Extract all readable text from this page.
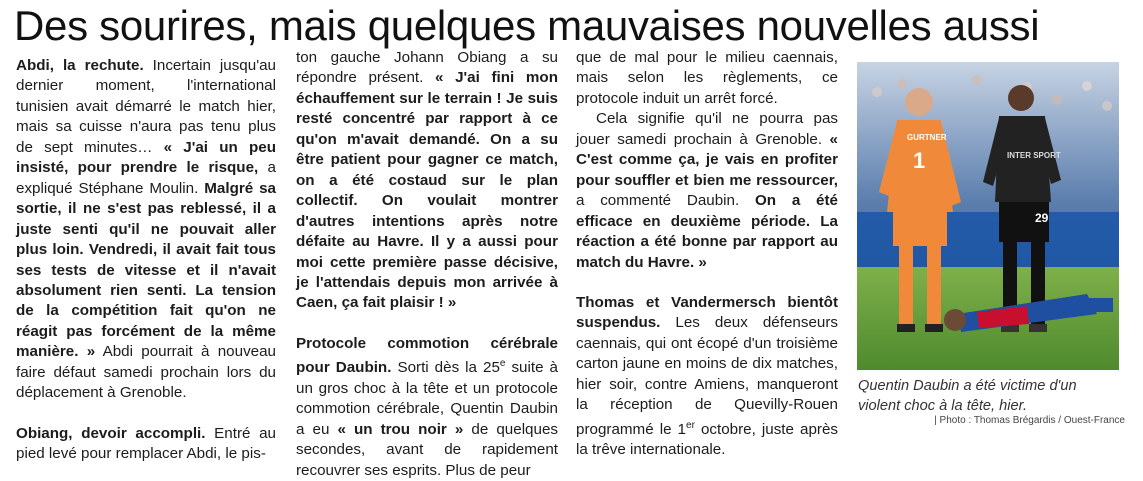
Des sourires, mais quelques mauvaises nouvelles aussi

Abdi, la rechute. Incertain jusqu'au dernier moment, l'international tunisien avait démarré le match hier, mais sa cuisse n'aura pas tenu plus de sept minutes… « J'ai un peu insisté, pour prendre le risque, a expliqué Stéphane Moulin. Malgré sa sortie, il ne s'est pas reblessé, il a juste senti qu'il ne pouvait aller plus loin. Vendredi, il avait fait tous ses tests de vitesse et il n'avait absolument rien senti. La tension de la compétition fait qu'on ne réagit pas forcément de la même manière. » Abdi pourrait à nouveau faire défaut samedi prochain lors du déplacement à Grenoble.

Obiang, devoir accompli. Entré au pied levé pour remplacer Abdi, le pis-

ton gauche Johann Obiang a su répondre présent. « J'ai fini mon échauffement sur le terrain ! Je suis resté concentré par rapport à ce qu'on m'avait demandé. On a su être patient pour gagner ce match, on a été costaud sur le plan collectif. On voulait montrer d'autres intentions après notre défaite au Havre. Il y a aussi pour moi cette première passe décisive, je l'attendais depuis mon arrivée à Caen, ça fait plaisir ! »

Protocole commotion cérébrale pour Daubin. Sorti dès la 25e suite à un gros choc à la tête et un protocole commotion cérébrale, Quentin Daubin a eu « un trou noir » de quelques secondes, avant de rapidement recouvrer ses esprits. Plus de peur

que de mal pour le milieu caennais, mais selon les règlements, ce protocole induit un arrêt forcé.

Cela signifie qu'il ne pourra pas jouer samedi prochain à Grenoble. « C'est comme ça, je vais en profiter pour souffler et bien me ressourcer, a commenté Daubin. On a été efficace en deuxième période. La réaction a été bonne par rapport au match du Havre. »

Thomas et Vandermersch bientôt suspendus. Les deux défenseurs caennais, qui ont écopé d'un troisième carton jaune en moins de dix matches, hier soir, contre Amiens, manqueront la réception de Quevilly-Rouen programmé le 1er octobre, juste après la trêve internationale.

GURTNER
1	INTER SPORT
29
Quentin Daubin a été victime d'un violent choc à la tête, hier.
| Photo : Thomas Brégardis / Ouest-France
